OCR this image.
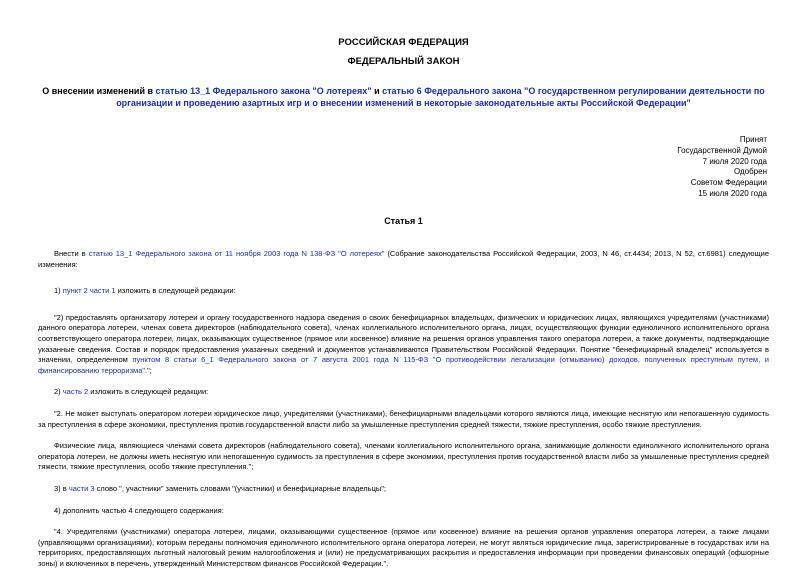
РОССИЙСКАЯ ФЕДЕРАЦИЯ
ФЕДЕРАЛЬНЫЙ ЗАКОН
О внесении изменений в статью 13_1 Федерального закона "О лотереях" и статью 6 Федерального закона "О государственном регулировании деятельности по организации и проведению азартных игр и о внесении изменений в некоторые законодательные акты Российской Федерации"
Принят
Государственной Думой
7 июля 2020 года
Одобрен
Советом Федерации
15 июля 2020 года
Статья 1

Внести в статью 13_1 Федерального закона от 11 ноября 2003 года N 138-ФЗ "О лотереях" (Собрание законодательства Российской Федерации, 2003, N 46, ст.4434; 2013, N 52, ст.6981) следующие изменения:

1) пункт 2 части 1 изложить в следующей редакции:

"2) предоставлять организатору лотереи и органу государственного надзора сведения о своих бенефициарных владельцах, физических и юридических лицах, являющихся учредителями (участниками) данного оператора лотереи, членах совета директоров (наблюдательного совета), членах коллегиального исполнительного органа, лицах, осуществляющих функции единоличного исполнительного органа соответствующего оператора лотереи, лицах, оказывающих существенное (прямое или косвенное) влияние на решения органов управления такого оператора лотереи, а также документы, подтверждающие указанные сведения. Состав и порядок предоставления указанных сведений и документов устанавливаются Правительством Российской Федерации. Понятие "бенефициарный владелец" используется в значении, определенном пунктом 8 статьи 6_1 Федерального закона от 7 августа 2001 года N 115-ФЗ "О противодействии легализации (отмыванию) доходов, полученных преступным путем, и финансированию терроризма".";

2) часть 2 изложить в следующей редакции:

"2. Не может выступать оператором лотереи юридическое лицо, учредителями (участниками), бенефициарными владельцами которого являются лица, имеющие неснятую или непогашенную судимость за преступления в сфере экономики, преступления против государственной власти либо за умышленные преступления средней тяжести, тяжкие преступления, особо тяжкие преступления.

Физические лица, являющиеся членами совета директоров (наблюдательного совета), членами коллегиального исполнительного органа, занимающие должности единоличного исполнительного органа оператора лотереи, не должны иметь неснятую или непогашенную судимость за преступления в сфере экономики, преступления против государственной власти либо за умышленные преступления средней тяжести, тяжкие преступления, особо тяжкие преступления.";

3) в части 3 слово ", участники" заменить словами "(участники) и бенефициарные владельцы";

4) дополнить частью 4 следующего содержания:

"4. Учредителями (участниками) оператора лотереи, лицами, оказывающими существенное (прямое или косвенное) влияние на решения органов управления оператора лотереи, а также лицами (управляющими организациями), которым переданы полномочия единоличного исполнительного органа оператора лотереи, не могут являться юридические лица, зарегистрированные в государствах или на территориях, предоставляющих льготный налоговый режим налогообложения и (или) не предусматривающих раскрытия и предоставления информации при проведении финансовых операций (офшорные зоны) и включенных в перечень, утвержденный Министерством финансов Российской Федерации.".
